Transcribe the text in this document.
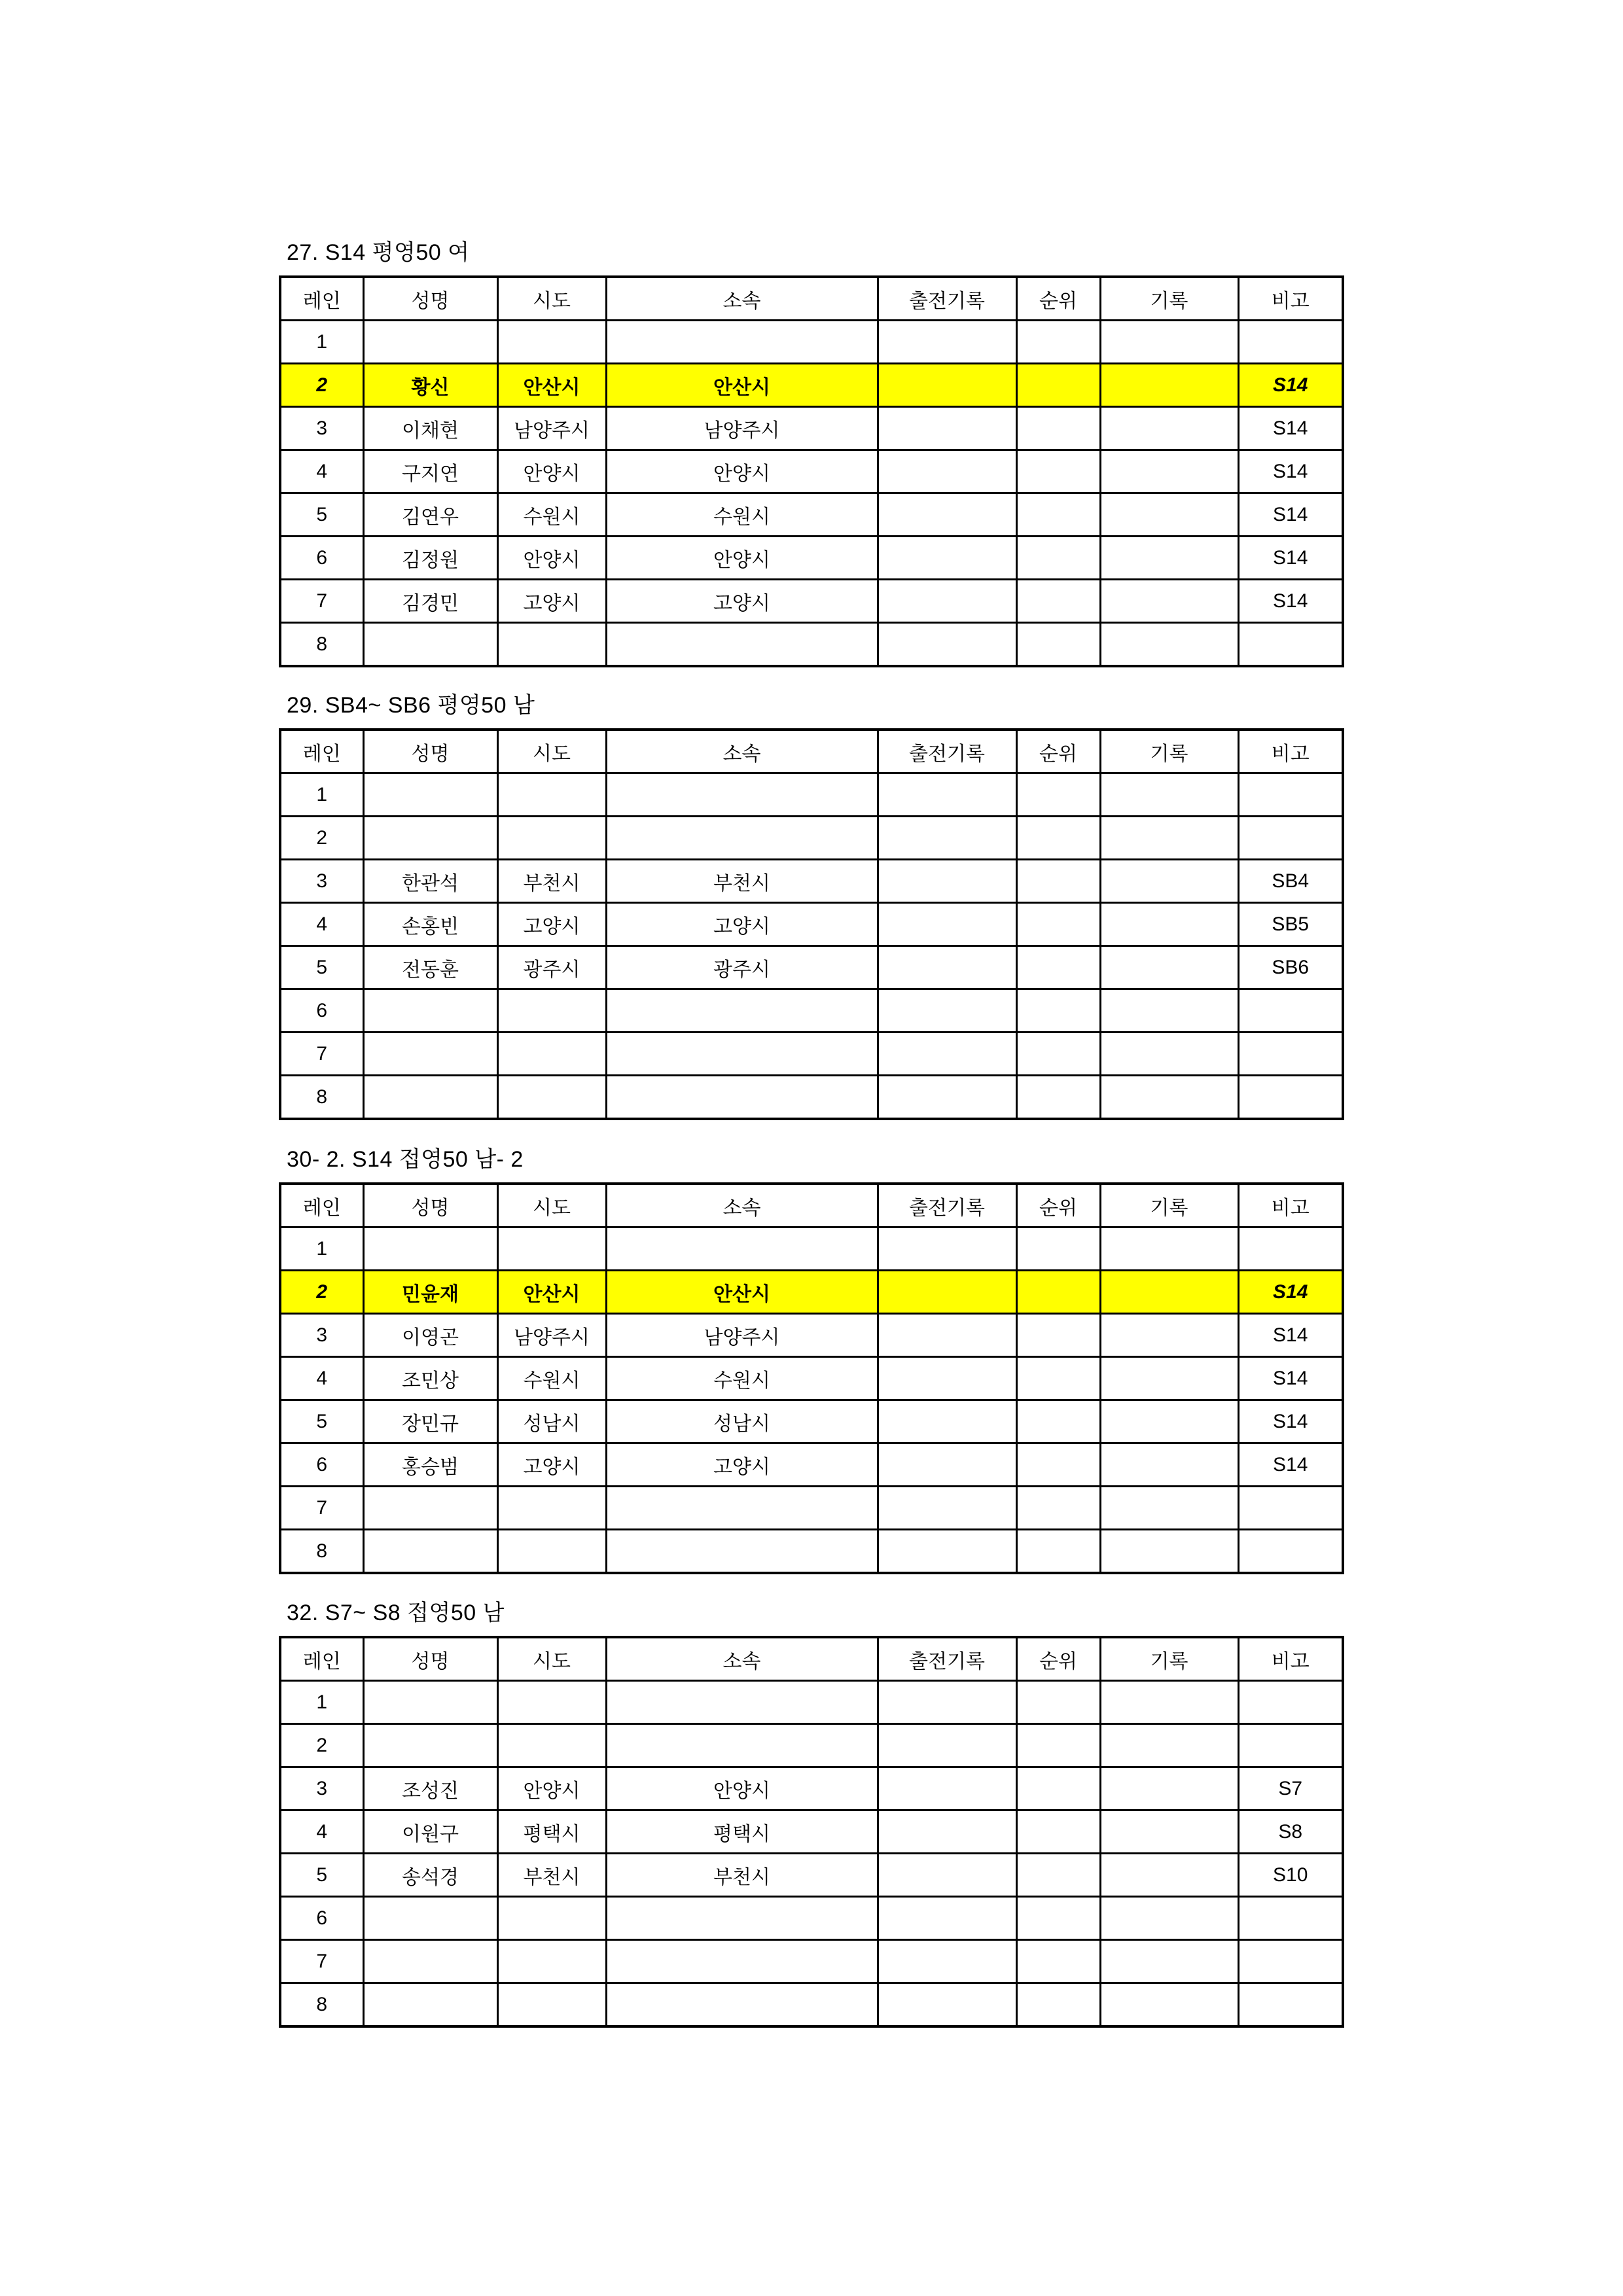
27. S14 평영50 여
레인	성명	시도	소속	출전기록	순위	기록	비고
1							
2	황신	안산시	안산시				S14
3	이채현	남양주시	남양주시				S14
4	구지연	안양시	안양시				S14
5	김연우	수원시	수원시				S14
6	김정원	안양시	안양시				S14
7	김경민	고양시	고양시				S14
8							
29. SB4~ SB6 평영50 남
레인	성명	시도	소속	출전기록	순위	기록	비고
1							
2							
3	한관석	부천시	부천시				SB4
4	손홍빈	고양시	고양시				SB5
5	전동훈	광주시	광주시				SB6
6							
7							
8							
30- 2. S14 접영50 남- 2
레인	성명	시도	소속	출전기록	순위	기록	비고
1							
2	민윤재	안산시	안산시				S14
3	이영곤	남양주시	남양주시				S14
4	조민상	수원시	수원시				S14
5	장민규	성남시	성남시				S14
6	홍승범	고양시	고양시				S14
7							
8							
32. S7~ S8 접영50 남
레인	성명	시도	소속	출전기록	순위	기록	비고
1							
2							
3	조성진	안양시	안양시				S7
4	이원구	평택시	평택시				S8
5	송석경	부천시	부천시				S10
6							
7							
8							
